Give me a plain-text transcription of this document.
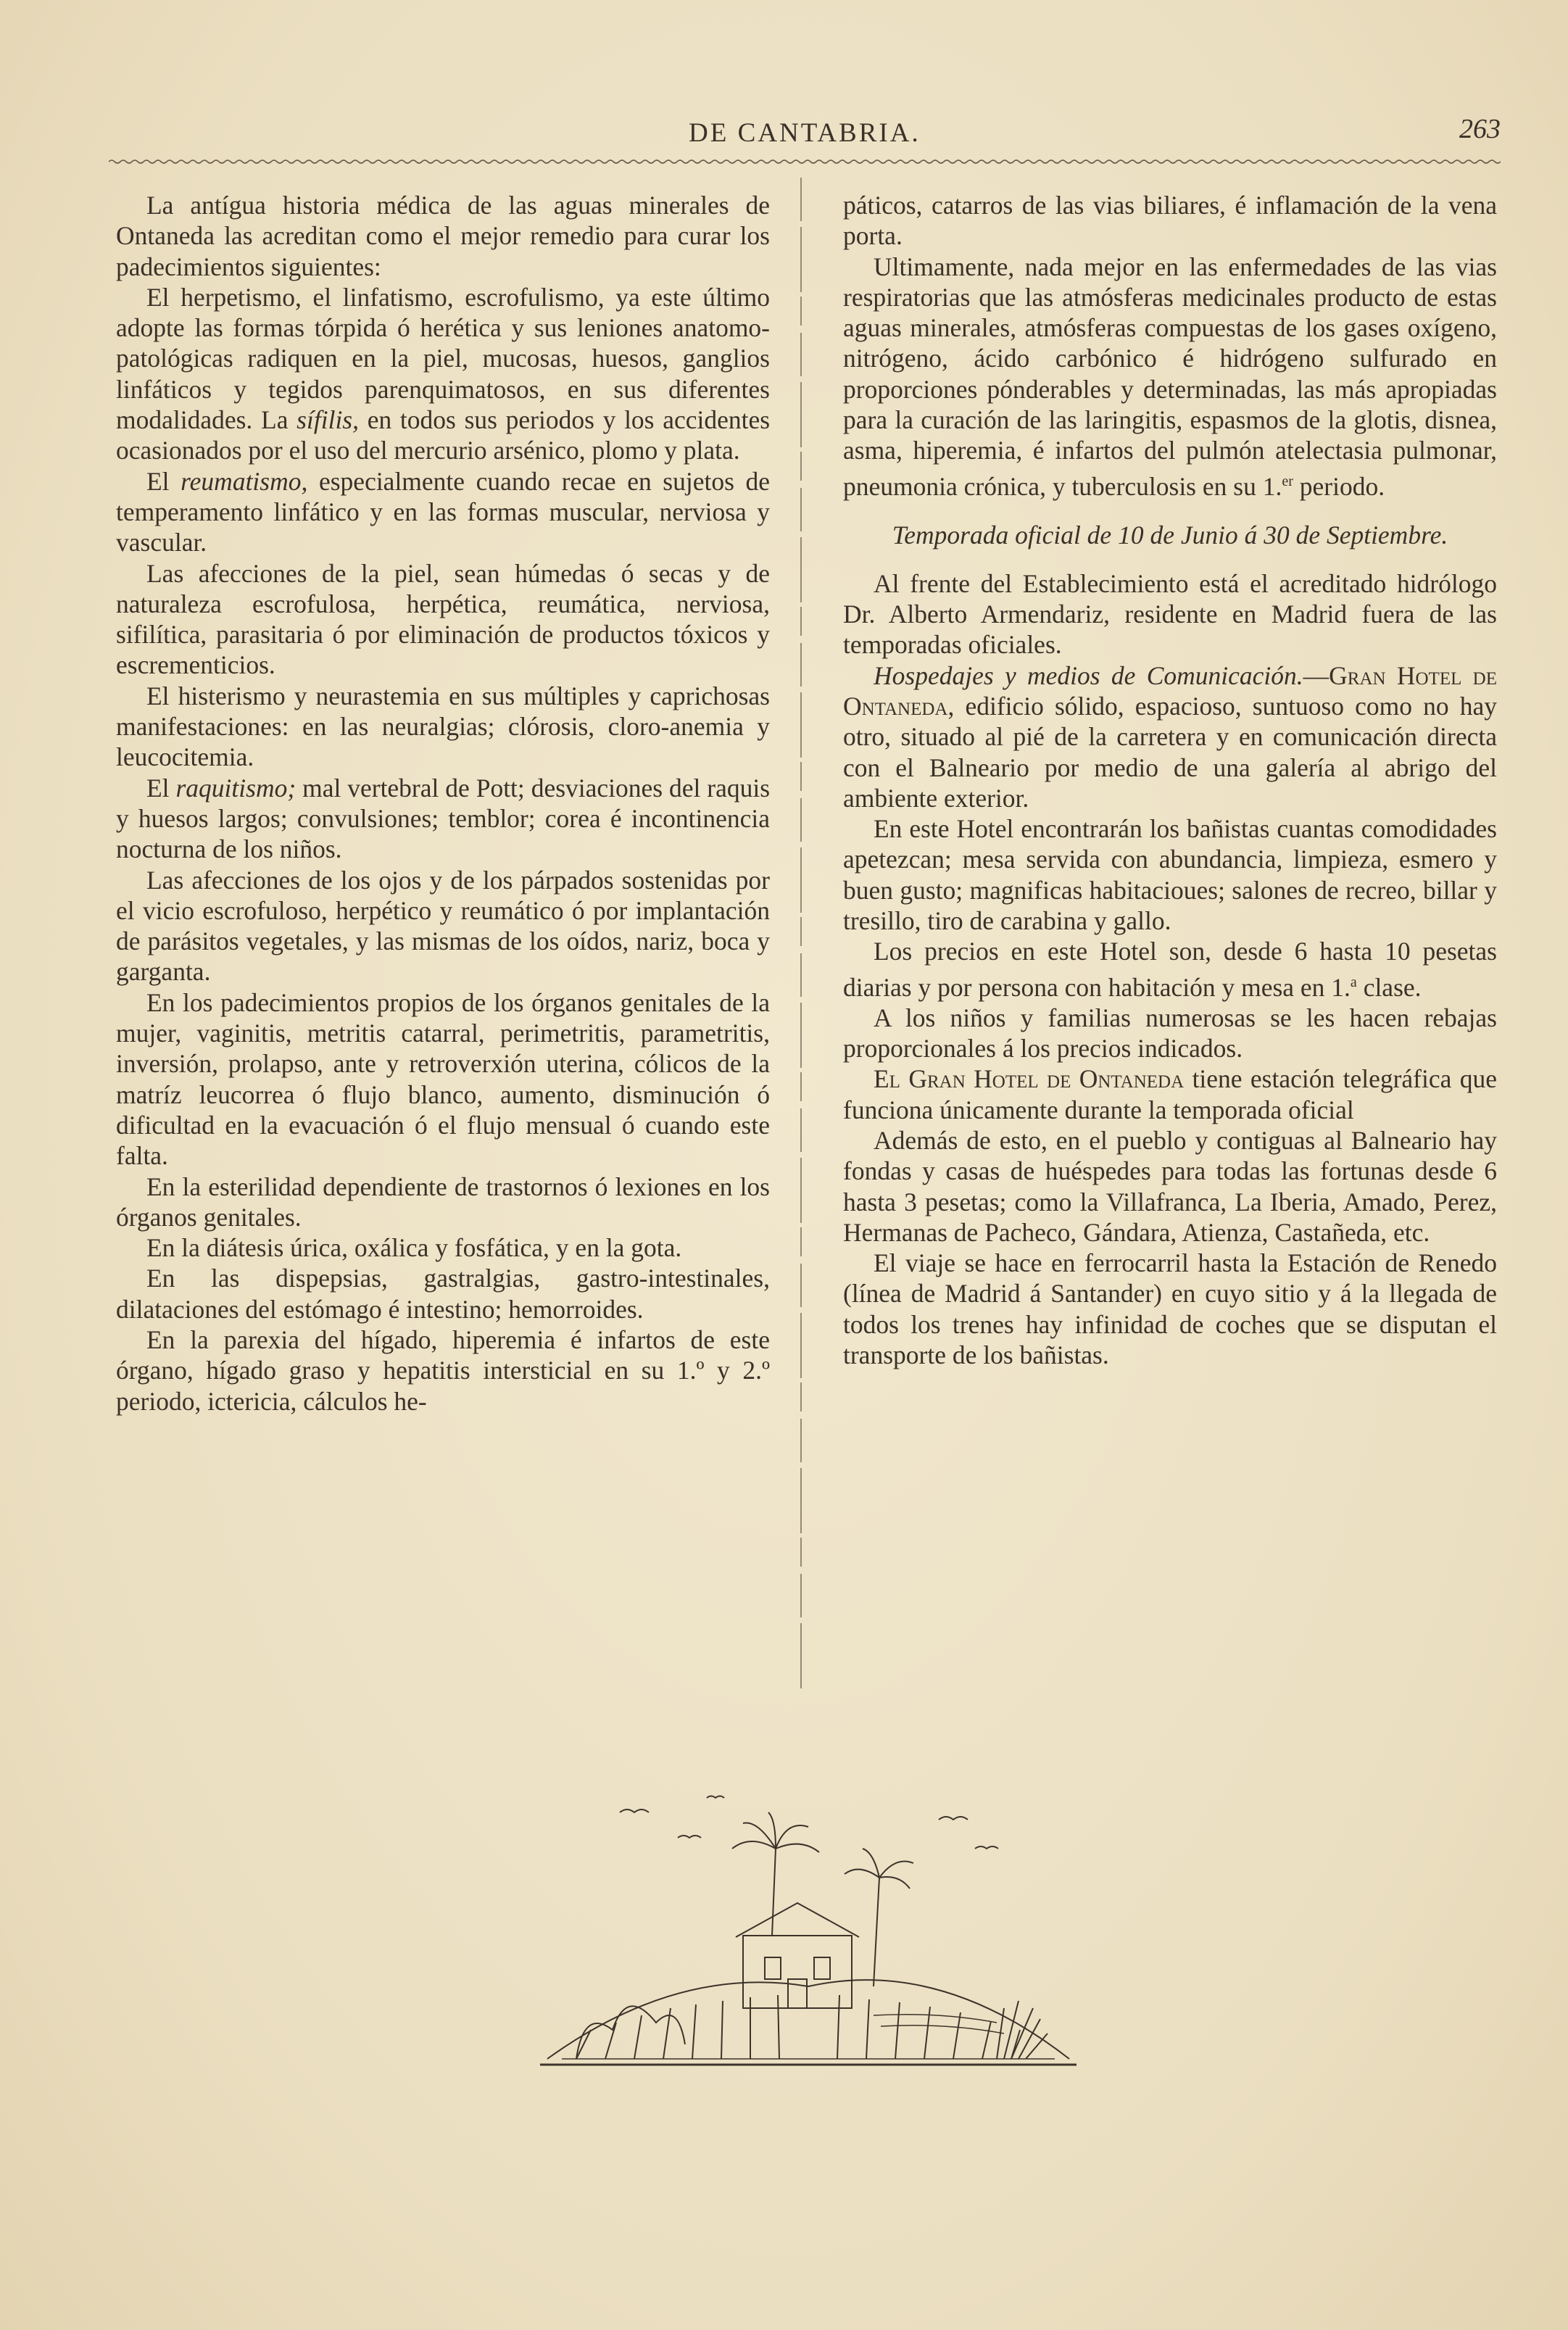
DE CANTABRIA.	263

La antígua historia médica de las aguas minerales de Ontaneda las acreditan como el mejor remedio para curar los padecimientos siguientes:

El herpetismo, el linfatismo, escrofulismo, ya este último adopte las formas tórpida ó herética y sus leniones anatomo-patológicas radiquen en la piel, mucosas, huesos, ganglios linfáticos y tegidos parenquimatosos, en sus diferentes modalidades. La sífilis, en todos sus periodos y los accidentes ocasionados por el uso del mercurio arsénico, plomo y plata.

El reumatismo, especialmente cuando recae en sujetos de temperamento linfático y en las formas muscular, nerviosa y vascular.

Las afecciones de la piel, sean húmedas ó secas y de naturaleza escrofulosa, herpética, reumática, nerviosa, sifilítica, parasitaria ó por eliminación de productos tóxicos y escrementicios.

El histerismo y neurastemia en sus múltiples y caprichosas manifestaciones: en las neuralgias; clórosis, cloro-anemia y leucocitemia.

El raquitismo; mal vertebral de Pott; desviaciones del raquis y huesos largos; convulsiones; temblor; corea é incontinencia nocturna de los niños.

Las afecciones de los ojos y de los párpados sostenidas por el vicio escrofuloso, herpético y reumático ó por implantación de parásitos vegetales, y las mismas de los oídos, nariz, boca y garganta.

En los padecimientos propios de los órganos genitales de la mujer, vaginitis, metritis catarral, perimetritis, parametritis, inversión, prolapso, ante y retroverxión uterina, cólicos de la matríz leucorrea ó flujo blanco, aumento, disminución ó dificultad en la evacuación ó el flujo mensual ó cuando este falta.

En la esterilidad dependiente de trastornos ó lexiones en los órganos genitales.

En la diátesis úrica, oxálica y fosfática, y en la gota.

En las dispepsias, gastralgias, gastro-intestinales, dilataciones del estómago é intestino; hemorroides.

En la parexia del hígado, hiperemia é infartos de este órgano, hígado graso y hepatitis intersticial en su 1.º y 2.º periodo, ictericia, cálculos he-

páticos, catarros de las vias biliares, é inflamación de la vena porta.

Ultimamente, nada mejor en las enfermedades de las vias respiratorias que las atmósferas medicinales producto de estas aguas minerales, atmósferas compuestas de los gases oxígeno, nitrógeno, ácido carbónico é hidrógeno sulfurado en proporciones pónderables y determinadas, las más apropiadas para la curación de las laringitis, espasmos de la glotis, disnea, asma, hiperemia, é infartos del pulmón atelectasia pulmonar, pneumonia crónica, y tuberculosis en su 1.$^{er}$ periodo.

Temporada oficial de 10 de Junio á 30 de Septiembre.

Al frente del Establecimiento está el acreditado hidrólogo Dr. Alberto Armendariz, residente en Madrid fuera de las temporadas oficiales.

Hospedajes y medios de Comunicación.—Gran Hotel de Ontaneda, edificio sólido, espacioso, suntuoso como no hay otro, situado al pié de la carretera y en comunicación directa con el Balneario por medio de una galería al abrigo del ambiente exterior.

En este Hotel encontrarán los bañistas cuantas comodidades apetezcan; mesa servida con abundancia, limpieza, esmero y buen gusto; magnificas habitacioues; salones de recreo, billar y tresillo, tiro de carabina y gallo.

Los precios en este Hotel son, desde 6 hasta 10 pesetas diarias y por persona con habitación y mesa en 1.$^a$ clase.

A los niños y familias numerosas se les hacen rebajas proporcionales á los precios indicados.

El Gran Hotel de Ontaneda tiene estación telegráfica que funciona únicamente durante la temporada oficial

Además de esto, en el pueblo y contiguas al Balneario hay fondas y casas de huéspedes para todas las fortunas desde 6 hasta 3 pesetas; como la Villafranca, La Iberia, Amado, Perez, Hermanas de Pacheco, Gándara, Atienza, Castañeda, etc.

El viaje se hace en ferrocarril hasta la Estación de Renedo (línea de Madrid á Santander) en cuyo sitio y á la llegada de todos los trenes hay infinidad de coches que se disputan el transporte de los bañistas.
